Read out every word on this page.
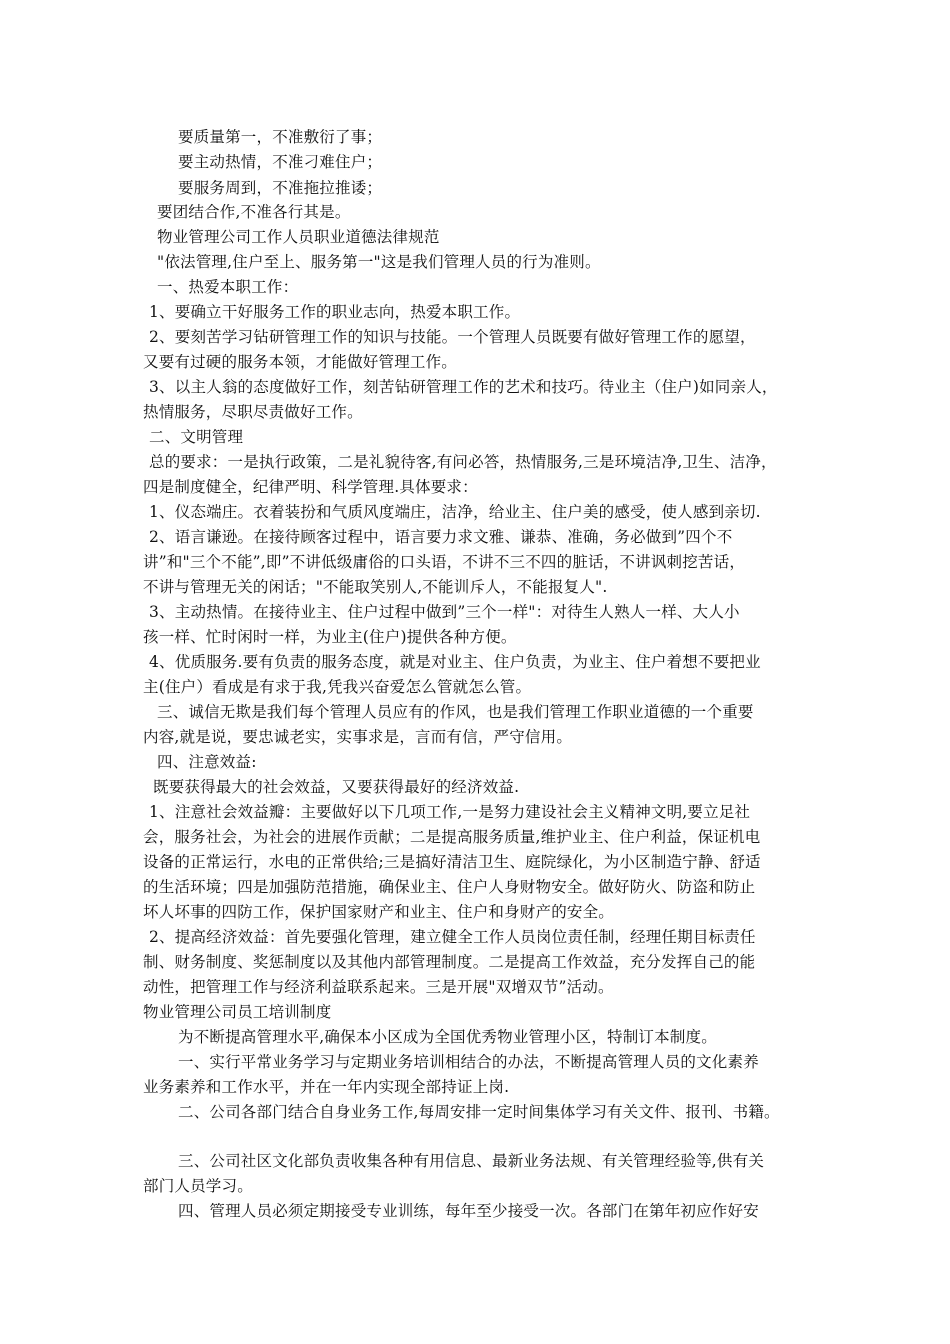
要质量第一，不准敷衍了事；
要主动热情，不准刁难住户；
要服务周到，不准拖拉推诿；
要团结合作,不准各行其是。
物业管理公司工作人员职业道德法律规范
"依法管理,住户至上、服务第一"这是我们管理人员的行为准则。
一、热爱本职工作：
1、要确立干好服务工作的职业志向，热爱本职工作。
2、要刻苦学习钻研管理工作的知识与技能。一个管理人员既要有做好管理工作的愿望，
又要有过硬的服务本领，才能做好管理工作。
3、以主人翁的态度做好工作，刻苦钻研管理工作的艺术和技巧。待业主（住户)如同亲人，
热情服务，尽职尽责做好工作。
二、文明管理
总的要求：一是执行政策，二是礼貌待客,有问必答，热情服务,三是环境洁净,卫生、洁净，
四是制度健全，纪律严明、科学管理.具体要求：
1、仪态端庄。衣着装扮和气质风度端庄，洁净，给业主、住户美的感受，使人感到亲切.
2、语言谦逊。在接待顾客过程中，语言要力求文雅、谦恭、准确，务必做到”四个不
讲”和"三个不能”,即”不讲低级庸俗的口头语，不讲不三不四的脏话，不讲讽刺挖苦话，
不讲与管理无关的闲话；"不能取笑别人,不能训斥人，不能报复人".
3、主动热情。在接待业主、住户过程中做到”三个一样"：对待生人熟人一样、大人小
孩一样、忙时闲时一样，为业主(住户)提供各种方便。
4、优质服务.要有负责的服务态度，就是对业主、住户负责，为业主、住户着想不要把业
主(住户）看成是有求于我,凭我兴奋爱怎么管就怎么管。
三、诚信无欺是我们每个管理人员应有的作风，也是我们管理工作职业道德的一个重要
内容,就是说，要忠诚老实，实事求是，言而有信，严守信用。
四、注意效益:
既要获得最大的社会效益，又要获得最好的经济效益.
1、注意社会效益瓣：主要做好以下几项工作,一是努力建设社会主义精神文明,要立足社
会，服务社会，为社会的进展作贡献；二是提高服务质量,维护业主、住户利益，保证机电
设备的正常运行，水电的正常供给;三是搞好清洁卫生、庭院绿化，为小区制造宁静、舒适
的生活环境；四是加强防范措施，确保业主、住户人身财物安全。做好防火、防盗和防止
坏人坏事的四防工作，保护国家财产和业主、住户和身财产的安全。
2、提高经济效益：首先要强化管理，建立健全工作人员岗位责任制，经理任期目标责任
制、财务制度、奖惩制度以及其他内部管理制度。二是提高工作效益，充分发挥自己的能
动性，把管理工作与经济利益联系起来。三是开展"双增双节”活动。
物业管理公司员工培训制度
为不断提高管理水平,确保本小区成为全国优秀物业管理小区，特制订本制度。
一、实行平常业务学习与定期业务培训相结合的办法，不断提高管理人员的文化素养
业务素养和工作水平，并在一年内实现全部持证上岗.
二、公司各部门结合自身业务工作,每周安排一定时间集体学习有关文件、报刊、书籍。
三、公司社区文化部负责收集各种有用信息、最新业务法规、有关管理经验等,供有关
部门人员学习。
四、管理人员必须定期接受专业训练，每年至少接受一次。各部门在第年初应作好安
